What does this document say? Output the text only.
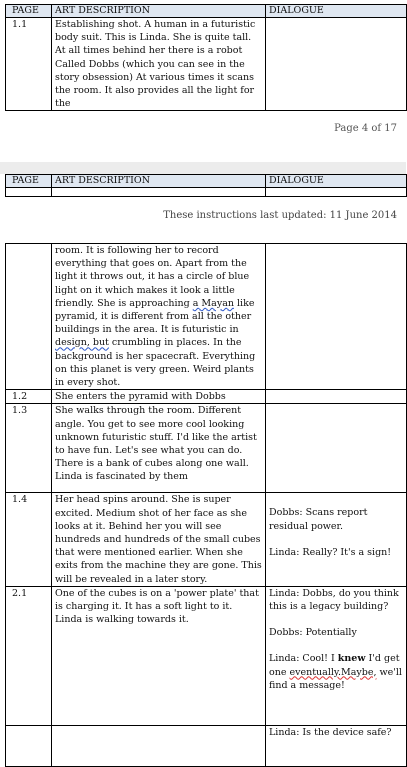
PAGE	ART DESCRIPTION	DIALOGUE
1.1	Establishing shot. A human in a futuristic body suit. This is Linda. She is quite tall. At all times behind her there is a robot Called Dobbs (which you can see in the story obsession) At various times it scans the room. It also provides all the light for the	
Page 4 of 17
PAGE	ART DESCRIPTION	DIALOGUE

These instructions last updated: 11 June 2014
	room. It is following her to record everything that goes on. Apart from the light it throws out, it has a circle of blue light on it which makes it look a little friendly. She is approaching a Mayan like pyramid, it is different from all the other buildings in the area. It is futuristic in design, but crumbling in places. In the background is her spacecraft. Everything on this planet is very green. Weird plants in every shot.	
1.2	She enters the pyramid with Dobbs	
1.3	She walks through the room. Different angle. You get to see more cool looking unknown futuristic stuff. I'd like the artist to have fun. Let's see what you can do. There is a bank of cubes along one wall. Linda is fascinated by them	
1.4	Her head spins around. She is super excited. Medium shot of her face as she looks at it. Behind her you will see hundreds and hundreds of the small cubes that were mentioned earlier. When she exits from the machine they are gone. This will be revealed in a later story.	Dobbs: Scans report residual power.
Linda: Really? It's a sign!

2.1	One of the cubes is on a 'power plate' that is charging it. It has a soft light to it. Linda is walking towards it.	Linda: Dobbs, do you think this is a legacy building?
Dobbs: Potentially
Linda: Cool! I knew I'd get one eventually.Maybe, we'll find a message!

		Linda: Is the device safe?
